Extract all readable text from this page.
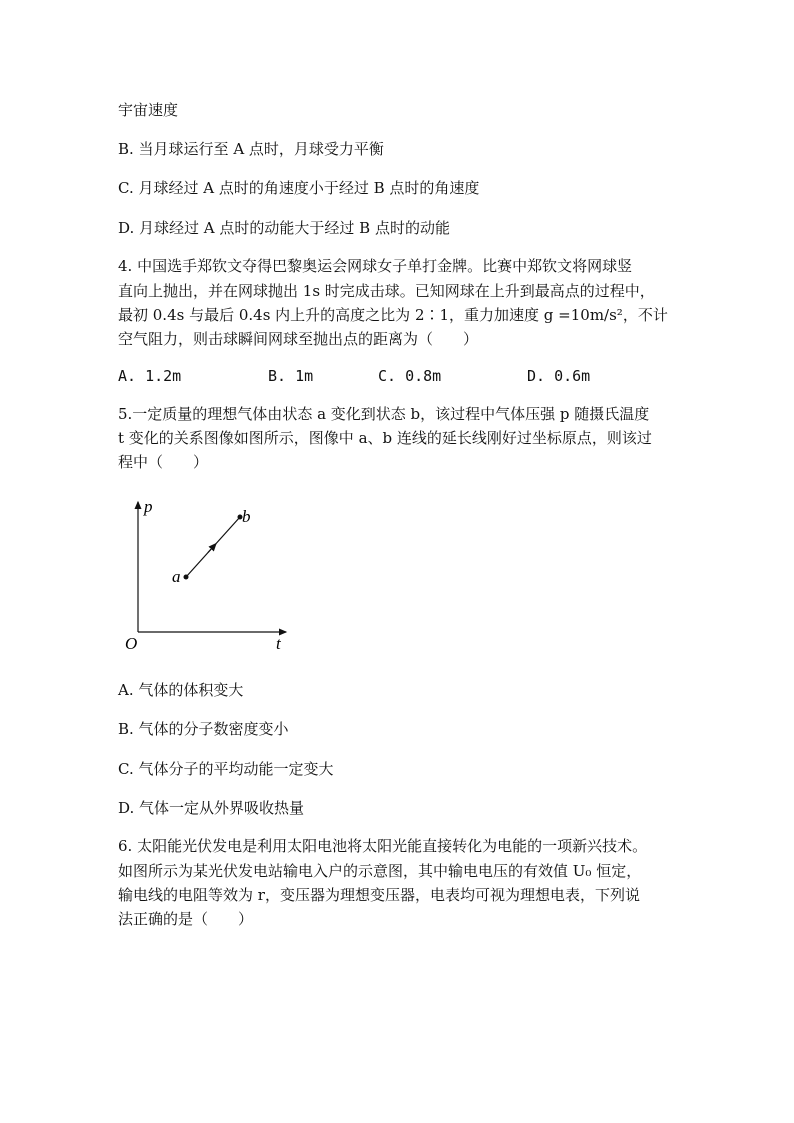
宇宙速度
B. 当月球运行至 A 点时，月球受力平衡
C. 月球经过 A 点时的角速度小于经过 B 点时的角速度
D. 月球经过 A 点时的动能大于经过 B 点时的动能
4. 中国选手郑钦文夺得巴黎奥运会网球女子单打金牌。比赛中郑钦文将网球竖
直向上抛出，并在网球抛出 1s 时完成击球。已知网球在上升到最高点的过程中，
最初 0.4s 与最后 0.4s 内上升的高度之比为 2∶1，重力加速度 g =10m/s²，不计
空气阻力，则击球瞬间网球至抛出点的距离为（　　）
A. 1.2m	B. 1m	C. 0.8m	D. 0.6m
5.一定质量的理想气体由状态 a 变化到状态 b，该过程中气体压强 p 随摄氏温度
t 变化的关系图像如图所示，图像中 a、b 连线的延长线刚好过坐标原点，则该过
程中（　　）
p
t
O
a
b
A. 气体的体积变大
B. 气体的分子数密度变小
C. 气体分子的平均动能一定变大
D. 气体一定从外界吸收热量
6. 太阳能光伏发电是利用太阳电池将太阳光能直接转化为电能的一项新兴技术。
如图所示为某光伏发电站输电入户的示意图，其中输电电压的有效值 U₀ 恒定，
输电线的电阻等效为 r，变压器为理想变压器，电表均可视为理想电表，下列说
法正确的是（　　）
